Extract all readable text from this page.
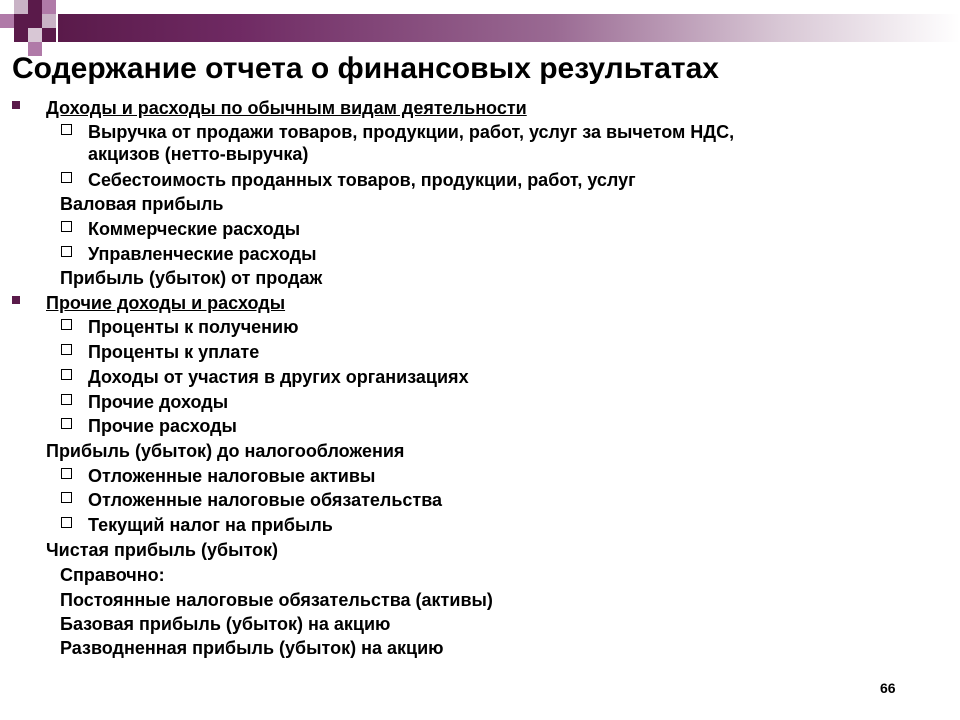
Содержание отчета о финансовых результатах
Доходы и расходы по обычным видам деятельности
Выручка от продажи товаров, продукции, работ, услуг за вычетом НДС,
акцизов (нетто-выручка)
Себестоимость проданных товаров, продукции, работ, услуг
Валовая прибыль
Коммерческие расходы
Управленческие расходы
Прибыль (убыток) от продаж
Прочие доходы и расходы
Проценты к получению
Проценты к уплате
Доходы от участия в других организациях
Прочие доходы
Прочие расходы
Прибыль (убыток) до налогообложения
Отложенные налоговые активы
Отложенные налоговые обязательства
Текущий налог на прибыль
Чистая прибыль (убыток)
Справочно:
Постоянные налоговые обязательства (активы)
Базовая прибыль (убыток) на акцию
Разводненная прибыль (убыток) на акцию
66
